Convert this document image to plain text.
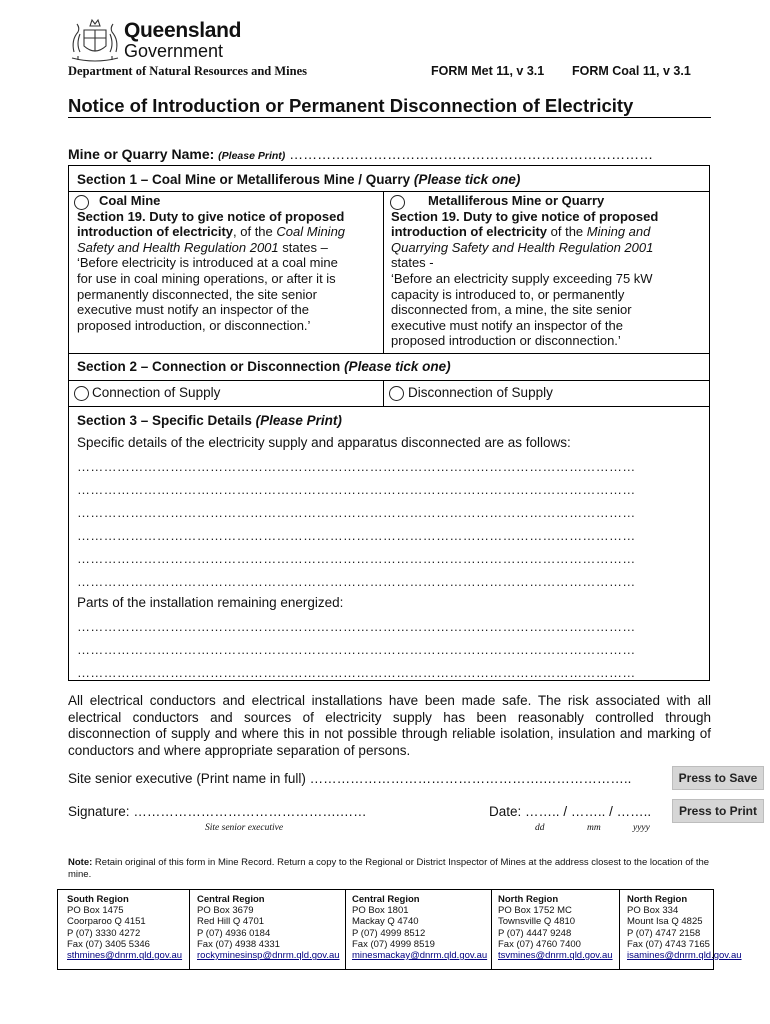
Queensland
Government
Department of Natural Resources and Mines	FORM Met 11, v 3.1 FORM Coal 11, v 3.1
Notice of Introduction or Permanent Disconnection of Electricity
Mine or Quarry Name: (Please Print) ……………………………………………………………………
Section 1 – Coal Mine or Metalliferous Mine / Quarry (Please tick one)
Coal Mine
Section 19. Duty to give notice of proposed
introduction of electricity, of the Coal Mining
Safety and Health Regulation 2001 states –
‘Before electricity is introduced at a coal mine
for use in coal mining operations, or after it is
permanently disconnected, the site senior
executive must notify an inspector of the
proposed introduction, or disconnection.’
Metalliferous Mine or Quarry
Section 19. Duty to give notice of proposed
introduction of electricity of the Mining and
Quarrying Safety and Health Regulation 2001
states -
‘Before an electricity supply exceeding 75 kW
capacity is introduced to, or permanently
disconnected from, a mine, the site senior
executive must notify an inspector of the
proposed introduction or disconnection.’
Section 2 – Connection or Disconnection (Please tick one)
Connection of Supply	Disconnection of Supply
Section 3 – Specific Details (Please Print)
Specific details of the electricity supply and apparatus disconnected are as follows:
………………………………………………………………………………………………………………
………………………………………………………………………………………………………………
………………………………………………………………………………………………………………
………………………………………………………………………………………………………………
………………………………………………………………………………………………………………
………………………………………………………………………………………………………………
Parts of the installation remaining energized:
………………………………………………………………………………………………………………
………………………………………………………………………………………………………………
………………………………………………………………………………………………………………
All electrical conductors and electrical installations have been made safe. The risk associated with all electrical conductors and sources of electricity supply has been reasonably controlled through disconnection of supply and where this in not possible through reliable isolation, insulation and marking of conductors and where appropriate separation of persons.
Site senior executive (Print name in full) …………………………………………….………………..	Press to Save
Signature: ……………………………………….……
Site senior executive
Date: …….. / …….. / ……..	Press to Print
dd	mm	yyyy
Note: Retain original of this form in Mine Record. Return a copy to the Regional or District Inspector of Mines at the address closest to the location of the mine.
South Region
PO Box 1475
Coorparoo Q 4151
P (07) 3330 4272
Fax (07) 3405 5346
sthmines@dnrm.qld.gov.au
Central Region
PO Box 3679
Red Hill Q 4701
P (07) 4936 0184
Fax (07) 4938 4331
rockyminesinsp@dnrm.qld.gov.au
Central Region
PO Box 1801
Mackay Q 4740
P (07) 4999 8512
Fax (07) 4999 8519
minesmackay@dnrm.qld.gov.au
North Region
PO Box 1752 MC
Townsville Q 4810
P (07) 4447 9248
Fax (07) 4760 7400
tsvmines@dnrm.qld.gov.au
North Region
PO Box 334
Mount Isa Q 4825
P (07) 4747 2158
Fax (07) 4743 7165
isamines@dnrm.qld.gov.au
